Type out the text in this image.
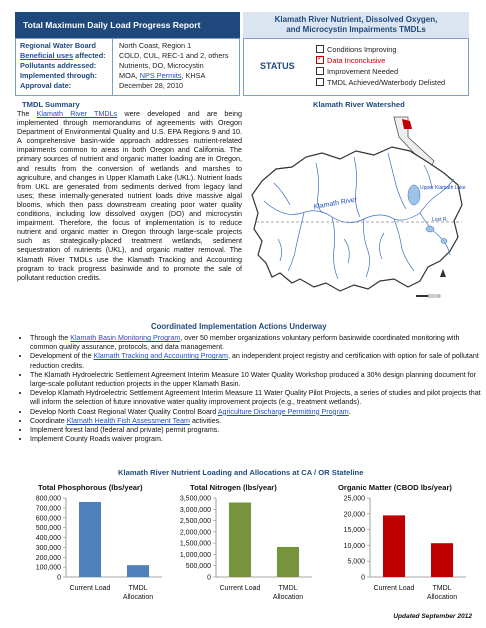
Total Maximum Daily Load Progress Report
Klamath River Nutrient, Dissolved Oxygen,
and Microcystin Impairments TMDLs
Regional Water Board	North Coast, Region 1
Beneficial uses affected: COLD, CUL, REC-1 and 2, others
Pollutants addressed:	Nutrients, DO, Microcystin
Implemented through:	MOA, NPS Permits, KHSA
Approval date:	December 28, 2010
STATUS
Conditions Improving
✓Data Inconclusive
Improvement Needed
TMDL Achieved/Waterbody Delisted
TMDL Summary
The Klamath River TMDLs were developed and are being implemented through memorandums of agreements with Oregon Department of Environmental Quality and U.S. EPA Regions 9 and 10. A comprehensive basin-wide approach addresses nutrient-related impairments common to areas in both Oregon and California. The primary sources of nutrient and organic matter loading are in Oregon, and results from the conversion of wetlands and marshes to agriculture, and changes in Upper Klamath Lake (UKL). Nutrient loads from UKL are generated from sediments derived from legacy land uses; these internally-generated nutrient loads drive massive algal blooms, which then pass downstream creating poor water quality conditions, including low dissolved oxygen (DO) and microcystin impairment. Therefore, the focus of implementation is to reduce nutrient and organic matter in Oregon through large-scale projects such as strategically-placed treatment wetlands, sediment sequestration of nutrients (UKL), and organic matter removal. The Klamath River TMDLs use the Klamath Tracking and Accounting program to track progress basinwide and to promote the sale of pollutant reduction credits.
Klamath River Watershed
Klamath River
Upper Klamath Lake
Lost R.
Coordinated Implementation Actions Underway
• Through the Klamath Basin Monitoring Program, over 50 member organizations voluntary perform basinwide coordinated monitoring with common quality assurance, protocols, and data management.
• Development of the Klamath Tracking and Accounting Program, an independent project registry and certification with option for sale of pollutant reduction credits.
• The Klamath Hydroelectric Settlement Agreement Interim Measure 10 Water Quality Workshop produced a 30% design planning document for large-scale pollutant reduction projects in the upper Klamath Basin.
• Develop Klamath Hydroelectric Settlement Agreement Interim Measure 11 Water Quality Pilot Projects, a series of studies and pilot projects that will inform the selection of future innovative water quality improvement projects (e.g., treatment wetlands).
• Develop North Coast Regional Water Quality Control Board Agriculture Discharge Permitting Program.
• Coordinate Klamath Health Fish Assessment Team activities.
• Implement forest land (federal and private) permit programs.
• Implement County Roads waiver program.
Klamath River Nutrient Loading and Allocations at CA / OR Stateline
Total Phosphorous (lbs/year)
0
100,000
200,000
300,000
400,000
500,000
600,000
700,000
800,000
Current Load	TMDL
Allocation
Total Nitrogen (lbs/year)
0
500,000
1,000,000
1,500,000
2,000,000
2,500,000
3,000,000
3,500,000
Current Load	TMDL
Allocation
Organic Matter (CBOD lbs/year)
0
5,000
10,000
15,000
20,000
25,000
Current Load	TMDL
Allocation
Updated September 2012
